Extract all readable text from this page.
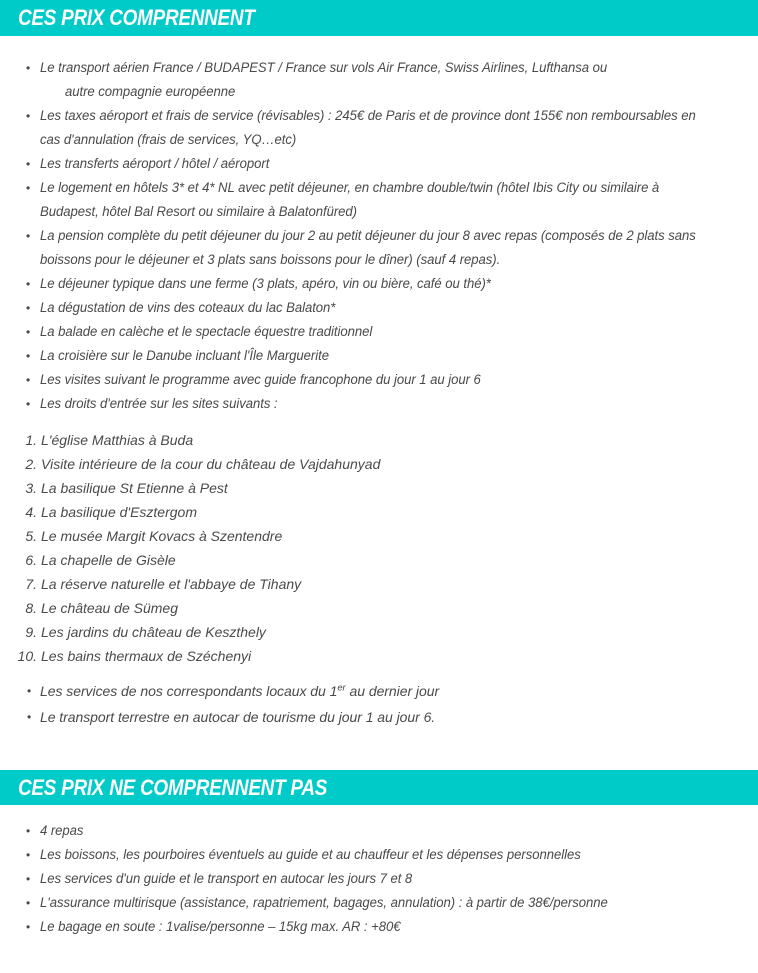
CES PRIX COMPRENNENT
• Le transport aérien France / BUDAPEST / France sur vols Air France, Swiss Airlines, Lufthansa ou
autre compagnie européenne
• Les taxes aéroport et frais de service (révisables) : 245€ de Paris et de province dont 155€ non remboursables en
cas d'annulation (frais de services, YQ…etc)
• Les transferts aéroport / hôtel / aéroport
• Le logement en hôtels 3* et 4* NL avec petit déjeuner, en chambre double/twin (hôtel Ibis City ou similaire à
Budapest, hôtel Bal Resort ou similaire à Balatonfüred)
• La pension complète du petit déjeuner du jour 2 au petit déjeuner du jour 8 avec repas (composés de 2 plats sans
boissons pour le déjeuner et 3 plats sans boissons pour le dîner) (sauf 4 repas).
• Le déjeuner typique dans une ferme (3 plats, apéro, vin ou bière, café ou thé)*
• La dégustation de vins des coteaux du lac Balaton*
• La balade en calèche et le spectacle équestre traditionnel
• La croisière sur le Danube incluant l'Île Marguerite
• Les visites suivant le programme avec guide francophone du jour 1 au jour 6
• Les droits d'entrée sur les sites suivants :
1. L'église Matthias à Buda
2. Visite intérieure de la cour du château de Vajdahunyad
3. La basilique St Etienne à Pest
4. La basilique d'Esztergom
5. Le musée Margit Kovacs à Szentendre
6. La chapelle de Gisèle
7. La réserve naturelle et l'abbaye de Tihany
8. Le château de Sümeg
9. Les jardins du château de Keszthely
10. Les bains thermaux de Széchenyi
• Les services de nos correspondants locaux du 1er au dernier jour
• Le transport terrestre en autocar de tourisme du jour 1 au jour 6.
CES PRIX NE COMPRENNENT PAS
• 4 repas
• Les boissons, les pourboires éventuels au guide et au chauffeur et les dépenses personnelles
• Les services d'un guide et le transport en autocar les jours 7 et 8
• L'assurance multirisque (assistance, rapatriement, bagages, annulation) : à partir de 38€/personne
• Le bagage en soute : 1valise/personne – 15kg max. AR : +80€
